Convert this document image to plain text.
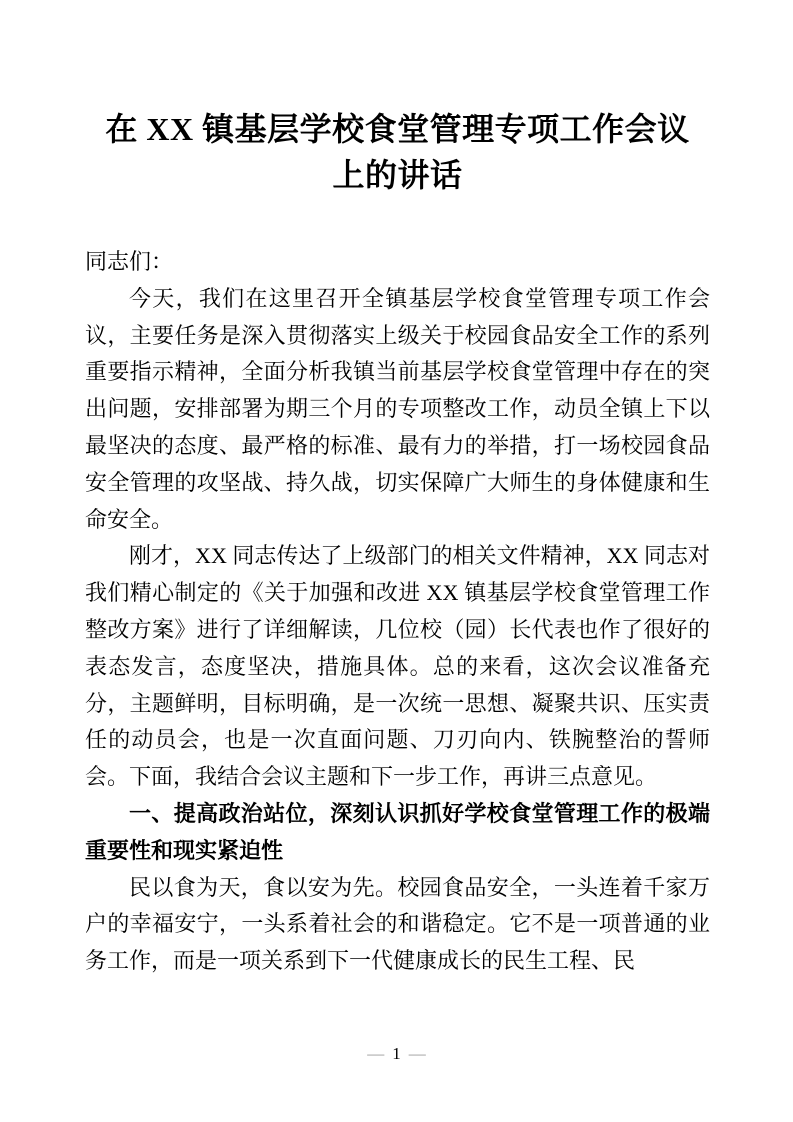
在 XX 镇基层学校食堂管理专项工作会议
上的讲话

同志们：

今天，我们在这里召开全镇基层学校食堂管理专项工作会议，主要任务是深入贯彻落实上级关于校园食品安全工作的系列重要指示精神，全面分析我镇当前基层学校食堂管理中存在的突出问题，安排部署为期三个月的专项整改工作，动员全镇上下以最坚决的态度、最严格的标准、最有力的举措，打一场校园食品安全管理的攻坚战、持久战，切实保障广大师生的身体健康和生命安全。

刚才，XX 同志传达了上级部门的相关文件精神，XX 同志对我们精心制定的《关于加强和改进 XX 镇基层学校食堂管理工作整改方案》进行了详细解读，几位校（园）长代表也作了很好的表态发言，态度坚决，措施具体。总的来看，这次会议准备充分，主题鲜明，目标明确，是一次统一思想、凝聚共识、压实责任的动员会，也是一次直面问题、刀刃向内、铁腕整治的誓师会。下面，我结合会议主题和下一步工作，再讲三点意见。

一、提高政治站位，深刻认识抓好学校食堂管理工作的极端重要性和现实紧迫性

民以食为天，食以安为先。校园食品安全，一头连着千家万户的幸福安宁，一头系着社会的和谐稳定。它不是一项普通的业务工作，而是一项关系到下一代健康成长的民生工程、民

— 1 —
